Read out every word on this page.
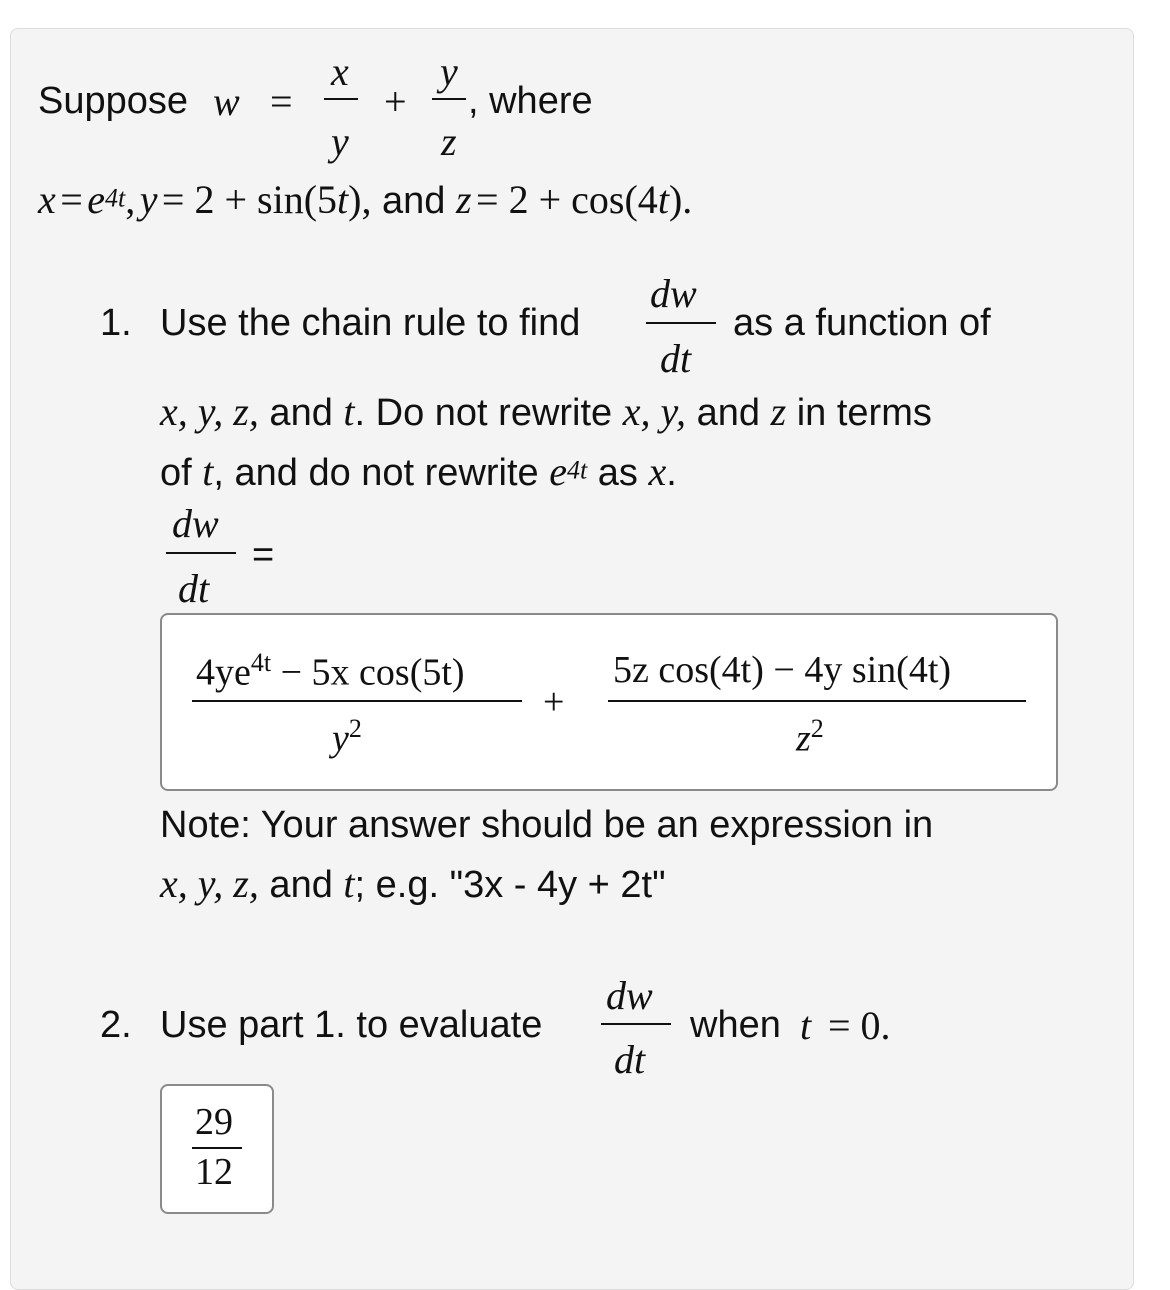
Suppose w =
x
y
+
y
z
, where
$x = e^{4t}$, y = 2 + sin(5t), and z = 2 + cos(4t).
1. Use the chain rule to find
dw
dt
as a function of
x, y, z, and t. Do not rewrite x, y, and z in terms
of t, and do not rewrite $e^{4t}$ as x.
dw
dt
=
$4ye^{4t} - 5x$ cos(5t)
$y^2$
+
5z cos(4t) − 4y sin(4t)
$z^2$
Note: Your answer should be an expression in
x, y, z, and t; e.g. "3x - 4y + 2t"
2. Use part 1. to evaluate
dw
dt
when t = 0.
29
12
